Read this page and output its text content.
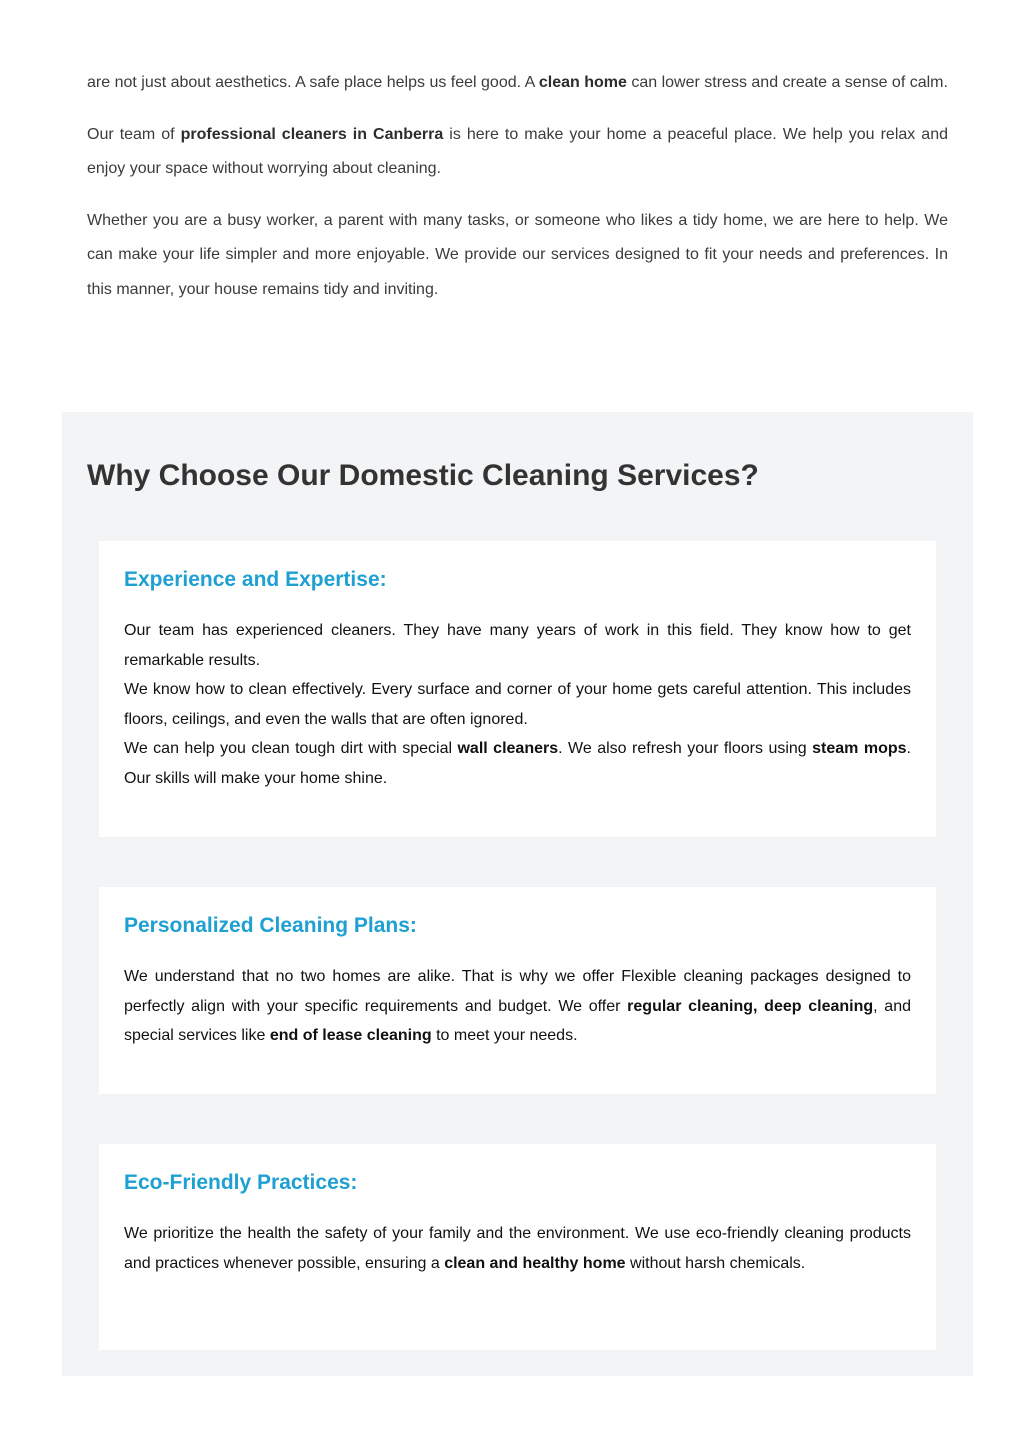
are not just about aesthetics. A safe place helps us feel good. A clean home can lower stress and create a sense of calm.

Our team of professional cleaners in Canberra is here to make your home a peaceful place. We help you relax and enjoy your space without worrying about cleaning.

Whether you are a busy worker, a parent with many tasks, or someone who likes a tidy home, we are here to help. We can make your life simpler and more enjoyable. We provide our services designed to fit your needs and preferences. In this manner, your house remains tidy and inviting.

Why Choose Our Domestic Cleaning Services?
Experience and Expertise:
Our team has experienced cleaners. They have many years of work in this field. They know how to get remarkable results.
We know how to clean effectively. Every surface and corner of your home gets careful attention. This includes floors, ceilings, and even the walls that are often ignored.
We can help you clean tough dirt with special wall cleaners. We also refresh your floors using steam mops. Our skills will make your home shine.
Personalized Cleaning Plans:
We understand that no two homes are alike. That is why we offer Flexible cleaning packages designed to perfectly align with your specific requirements and budget. We offer regular cleaning, deep cleaning, and special services like end of lease cleaning to meet your needs.
Eco-Friendly Practices:
We prioritize the health the safety of your family and the environment. We use eco-friendly cleaning products and practices whenever possible, ensuring a clean and healthy home without harsh chemicals.
